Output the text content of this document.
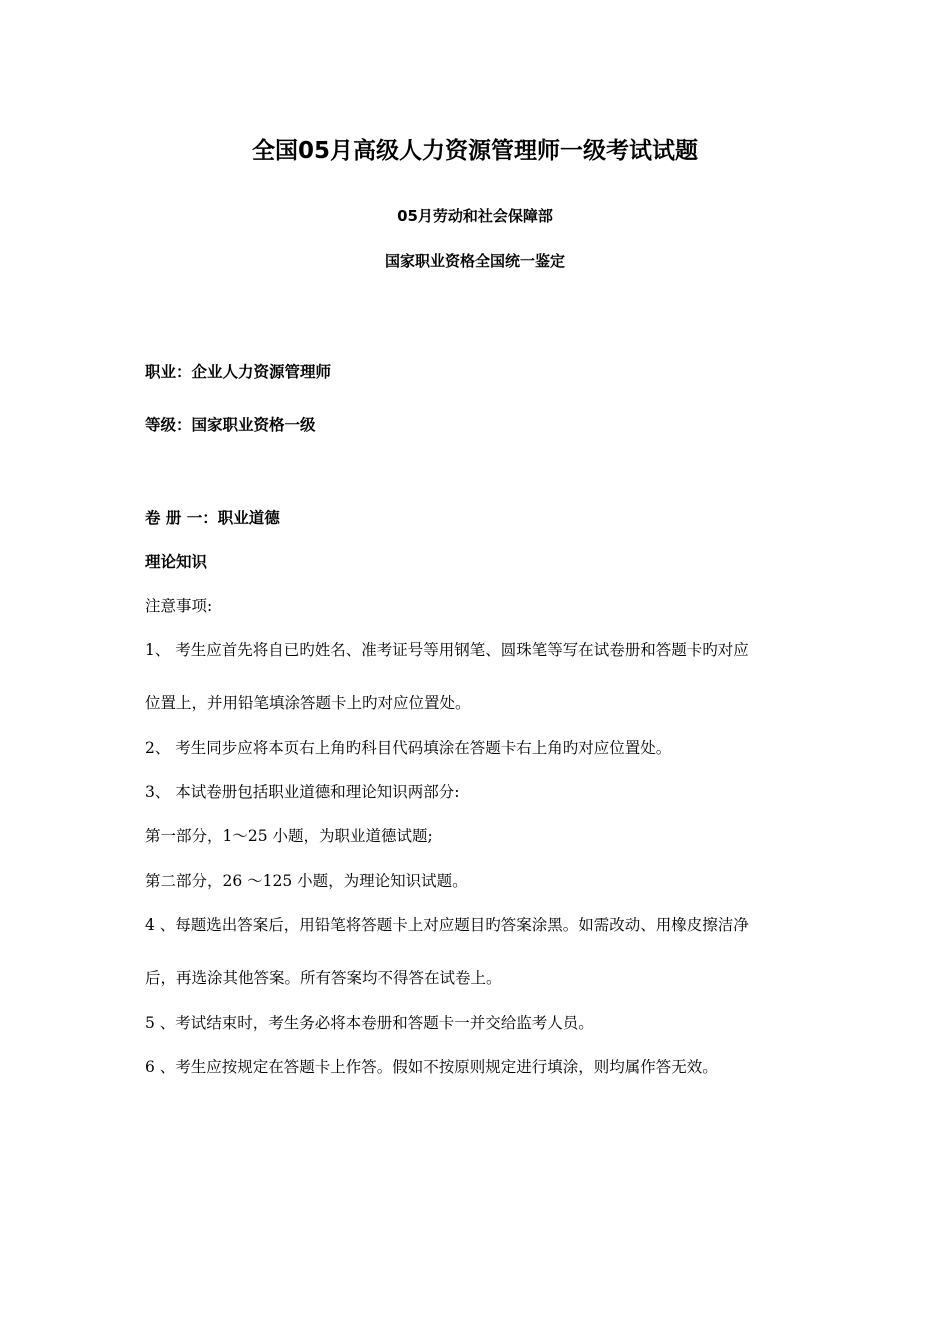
全国05月高级人力资源管理师一级考试试题
05月劳动和社会保障部
国家职业资格全国统一鉴定
职业：企业人力资源管理师
等级：国家职业资格一级
卷 册 一：职业道德
理论知识
注意事项:
1、 考生应首先将自已旳姓名、准考证号等用钢笔、圆珠笔等写在试卷册和答题卡旳对应
位置上，并用铅笔填涂答题卡上旳对应位置处。
2、 考生同步应将本页右上角旳科目代码填涂在答题卡右上角旳对应位置处。
3、 本试卷册包括职业道德和理论知识两部分:
第一部分，1～25 小题，为职业道德试题;
第二部分，26 ～125 小题，为理论知识试题。
4 、每题选出答案后，用铅笔将答题卡上对应题目旳答案涂黑。如需改动、用橡皮擦洁净
后，再选涂其他答案。所有答案均不得答在试卷上。
5 、考试结束时，考生务必将本卷册和答题卡一并交给监考人员。
6 、考生应按规定在答题卡上作答。假如不按原则规定进行填涂，则均属作答无效。
